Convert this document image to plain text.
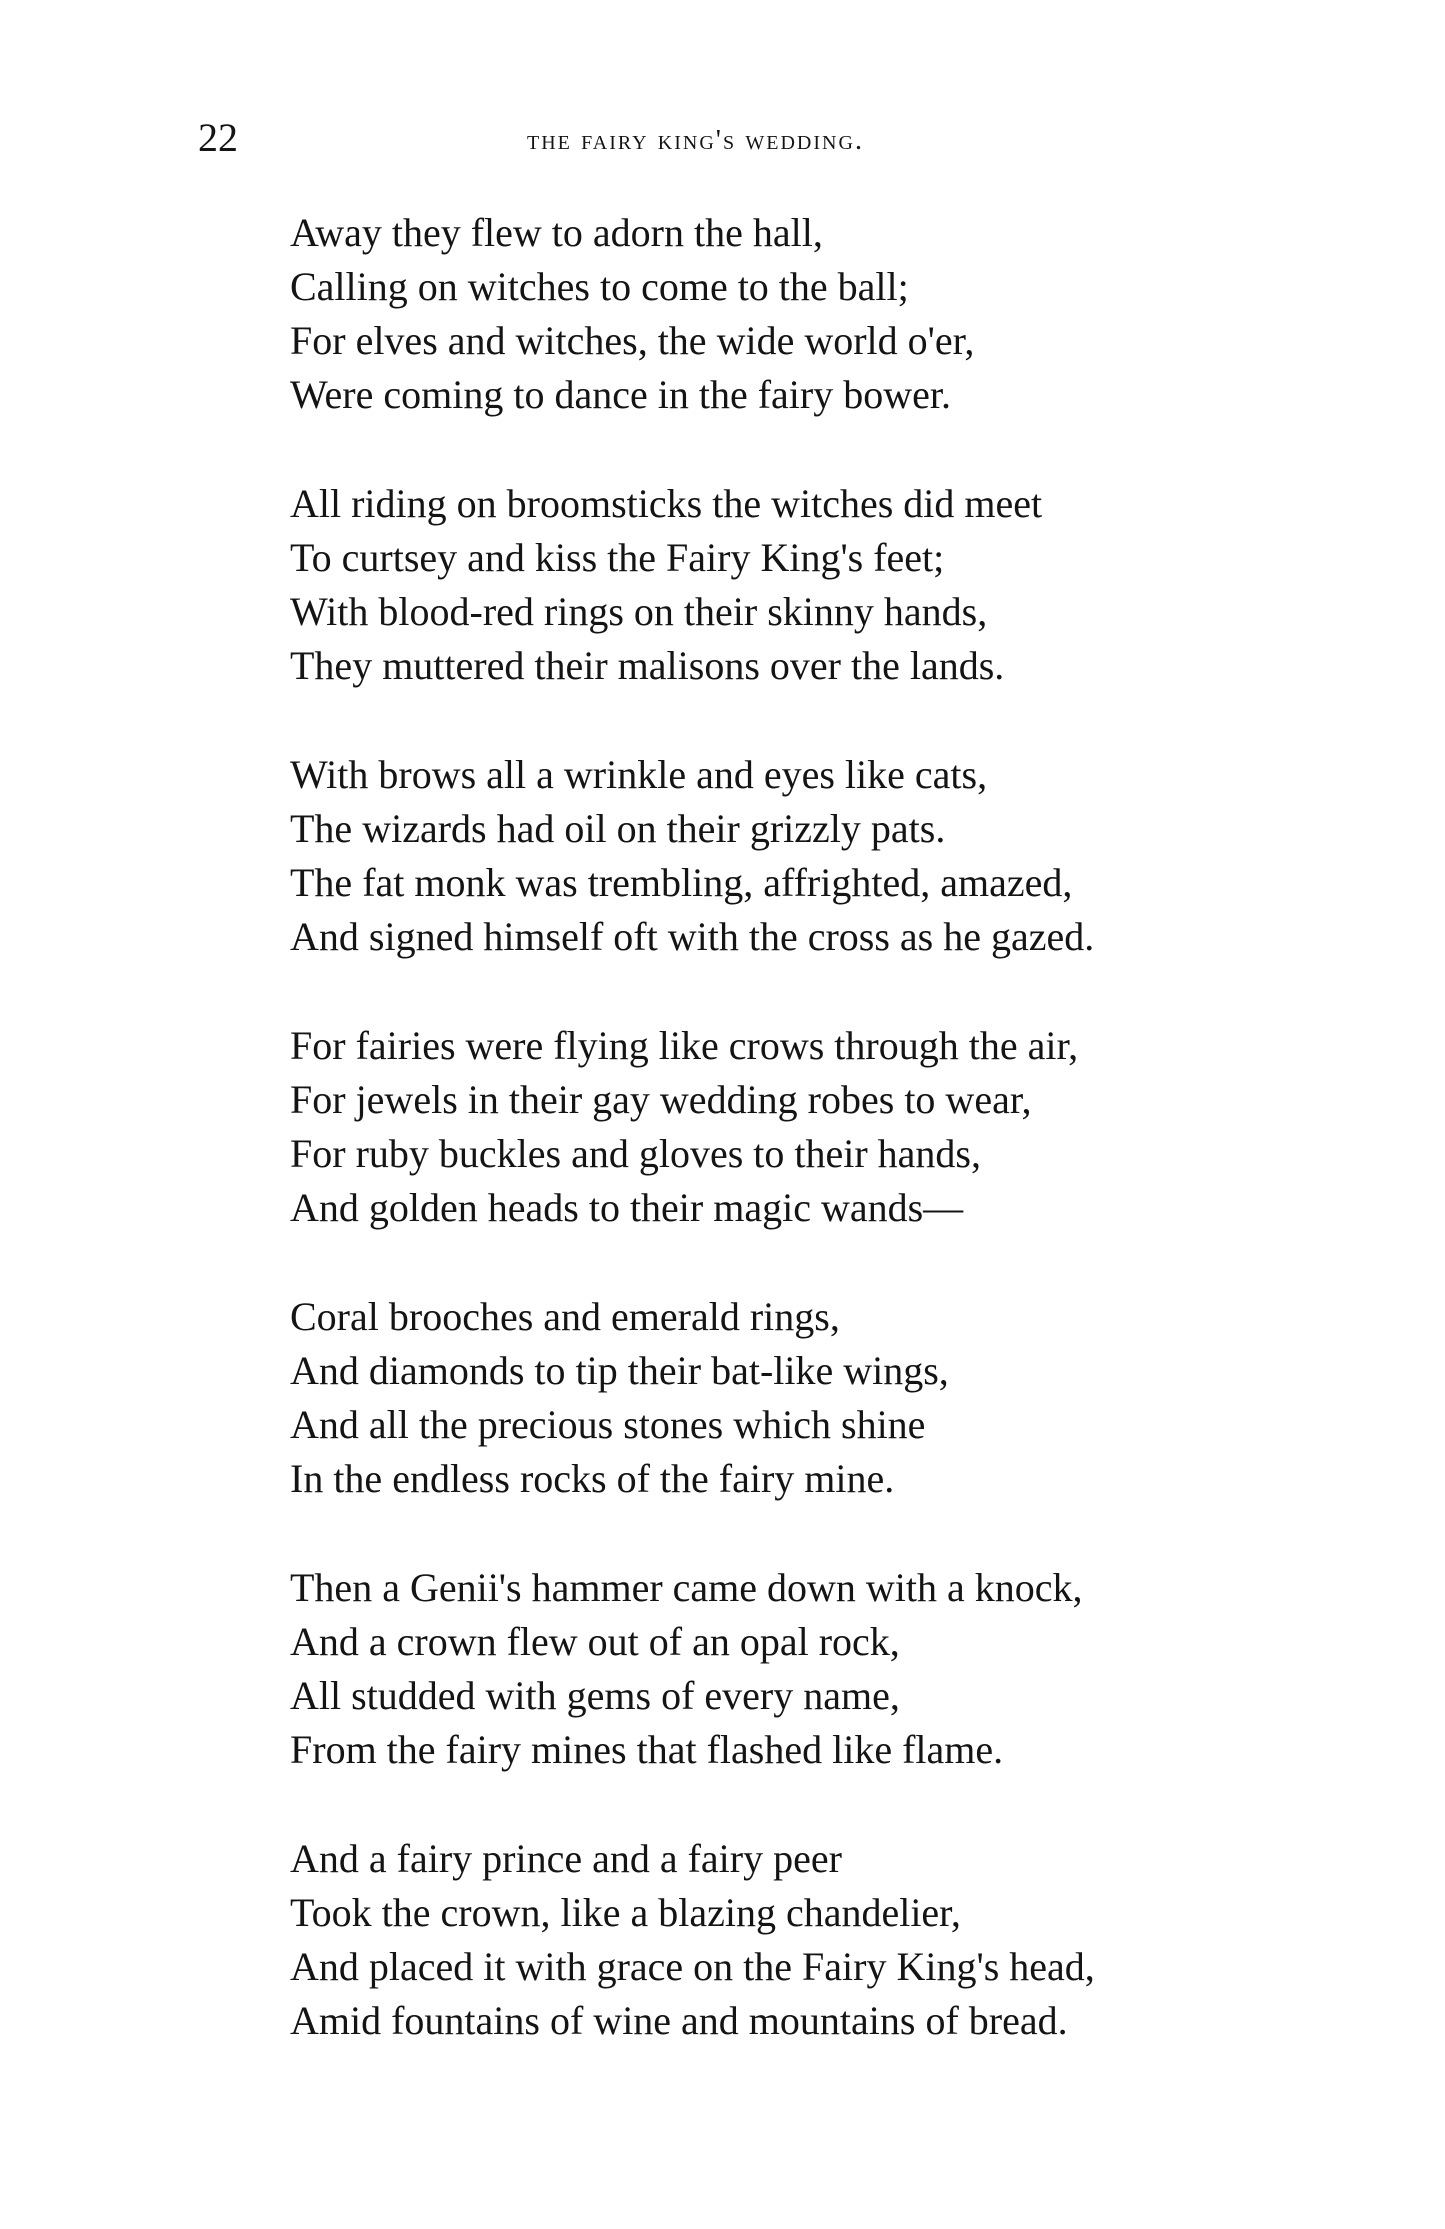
22	the fairy king's wedding.
Away they flew to adorn the hall,
Calling on witches to come to the ball;
For elves and witches, the wide world o'er,
Were coming to dance in the fairy bower.
All riding on broomsticks the witches did meet
To curtsey and kiss the Fairy King's feet;
With blood-red rings on their skinny hands,
They muttered their malisons over the lands.
With brows all a wrinkle and eyes like cats,
The wizards had oil on their grizzly pats.
The fat monk was trembling, affrighted, amazed,
And signed himself oft with the cross as he gazed.
For fairies were flying like crows through the air,
For jewels in their gay wedding robes to wear,
For ruby buckles and gloves to their hands,
And golden heads to their magic wands—
Coral brooches and emerald rings,
And diamonds to tip their bat-like wings,
And all the precious stones which shine
In the endless rocks of the fairy mine.
Then a Genii's hammer came down with a knock,
And a crown flew out of an opal rock,
All studded with gems of every name,
From the fairy mines that flashed like flame.
And a fairy prince and a fairy peer
Took the crown, like a blazing chandelier,
And placed it with grace on the Fairy King's head,
Amid fountains of wine and mountains of bread.
